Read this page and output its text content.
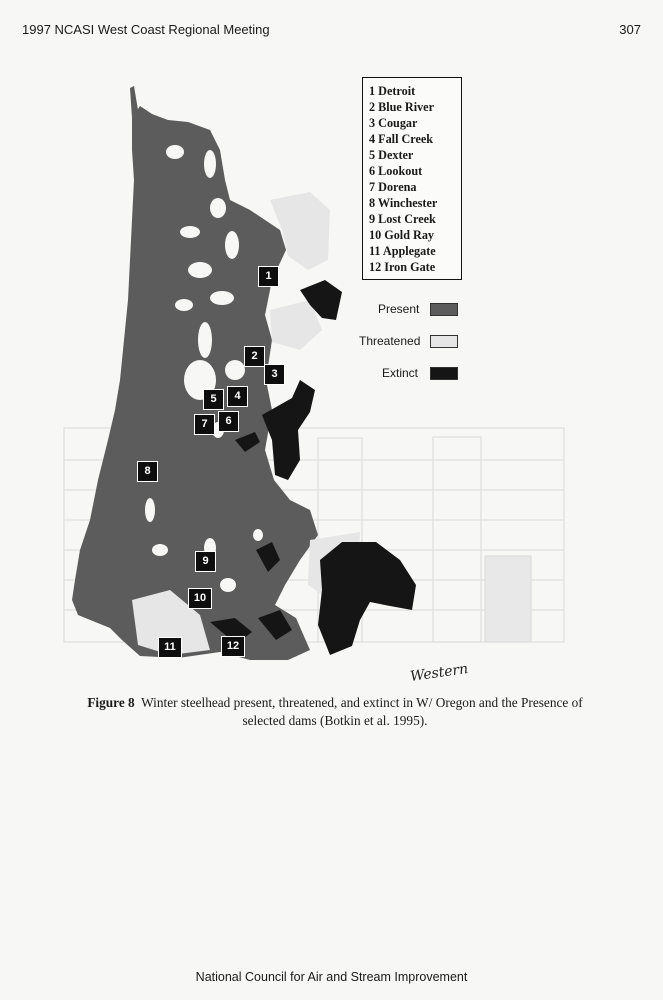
1997 NCASI West Coast Regional Meeting	307
1
2
3
4
5
6
7
8
9
10
11	12
1 Detroit
2 Blue River
3 Cougar
4 Fall Creek
5 Dexter
6 Lookout
7 Dorena
8 Winchester
9 Lost Creek
10 Gold Ray
11 Applegate
12 Iron Gate
Present
Threatened
Extinct
Western
Figure 8 Winter steelhead present, threatened, and extinct in W/ Oregon and the Presence of
selected dams (Botkin et al. 1995).
National Council for Air and Stream Improvement
